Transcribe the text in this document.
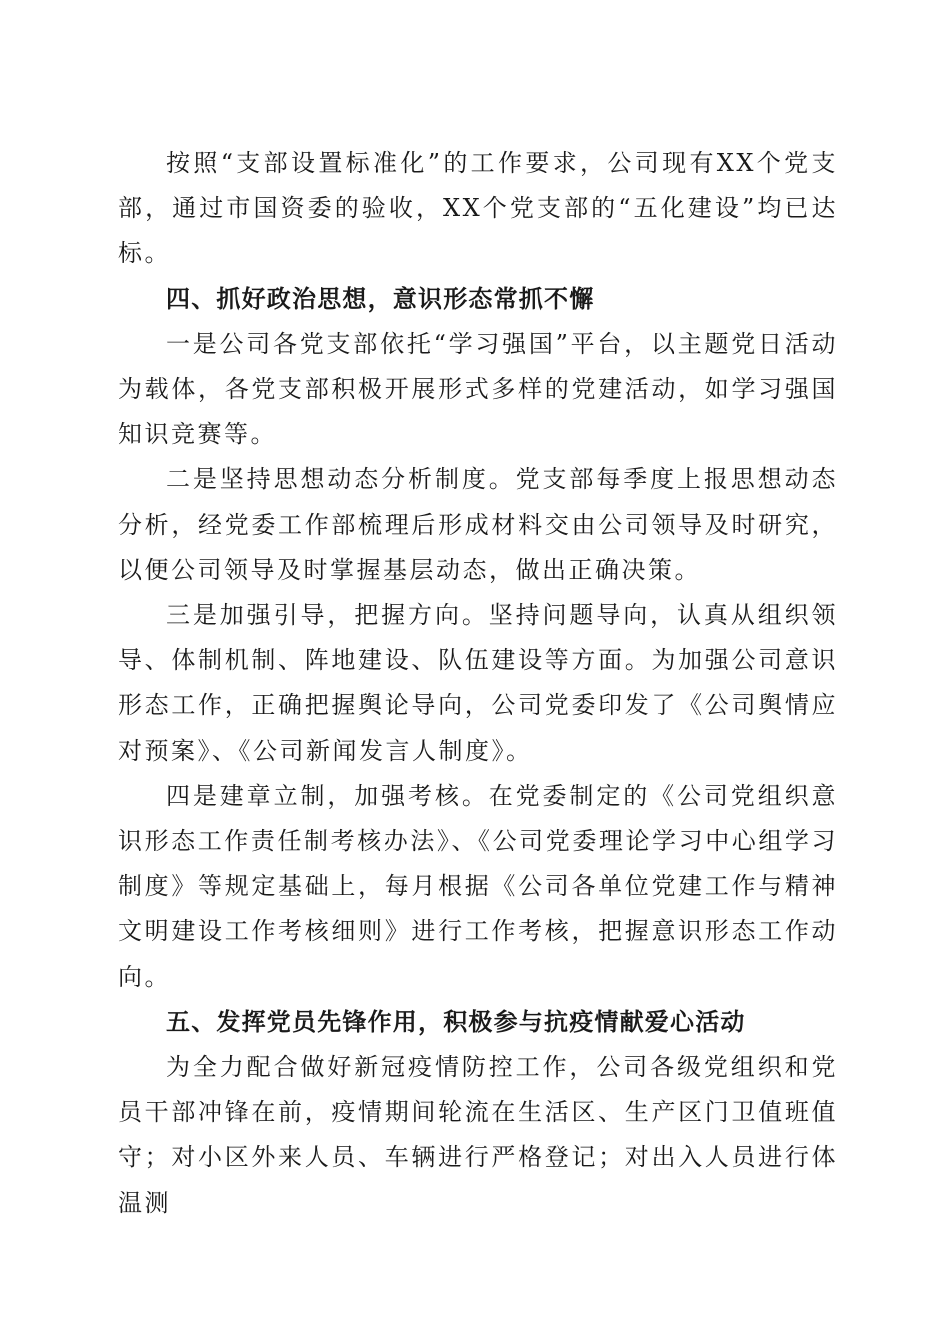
按照“支部设置标准化”的工作要求，公司现有XX个党支部，通过市国资委的验收，XX个党支部的“五化建设”均已达标。

四、抓好政治思想，意识形态常抓不懈

一是公司各党支部依托“学习强国”平台，以主题党日活动为载体，各党支部积极开展形式多样的党建活动，如学习强国知识竞赛等。

二是坚持思想动态分析制度。党支部每季度上报思想动态分析，经党委工作部梳理后形成材料交由公司领导及时研究，以便公司领导及时掌握基层动态，做出正确决策。

三是加强引导，把握方向。坚持问题导向，认真从组织领导、体制机制、阵地建设、队伍建设等方面。为加强公司意识形态工作，正确把握舆论导向，公司党委印发了《公司舆情应对预案》、《公司新闻发言人制度》。

四是建章立制，加强考核。在党委制定的《公司党组织意识形态工作责任制考核办法》、《公司党委理论学习中心组学习制度》等规定基础上，每月根据《公司各单位党建工作与精神文明建设工作考核细则》进行工作考核，把握意识形态工作动向。

五、发挥党员先锋作用，积极参与抗疫情献爱心活动

为全力配合做好新冠疫情防控工作，公司各级党组织和党员干部冲锋在前，疫情期间轮流在生活区、生产区门卫值班值守；对小区外来人员、车辆进行严格登记；对出入人员进行体温测
